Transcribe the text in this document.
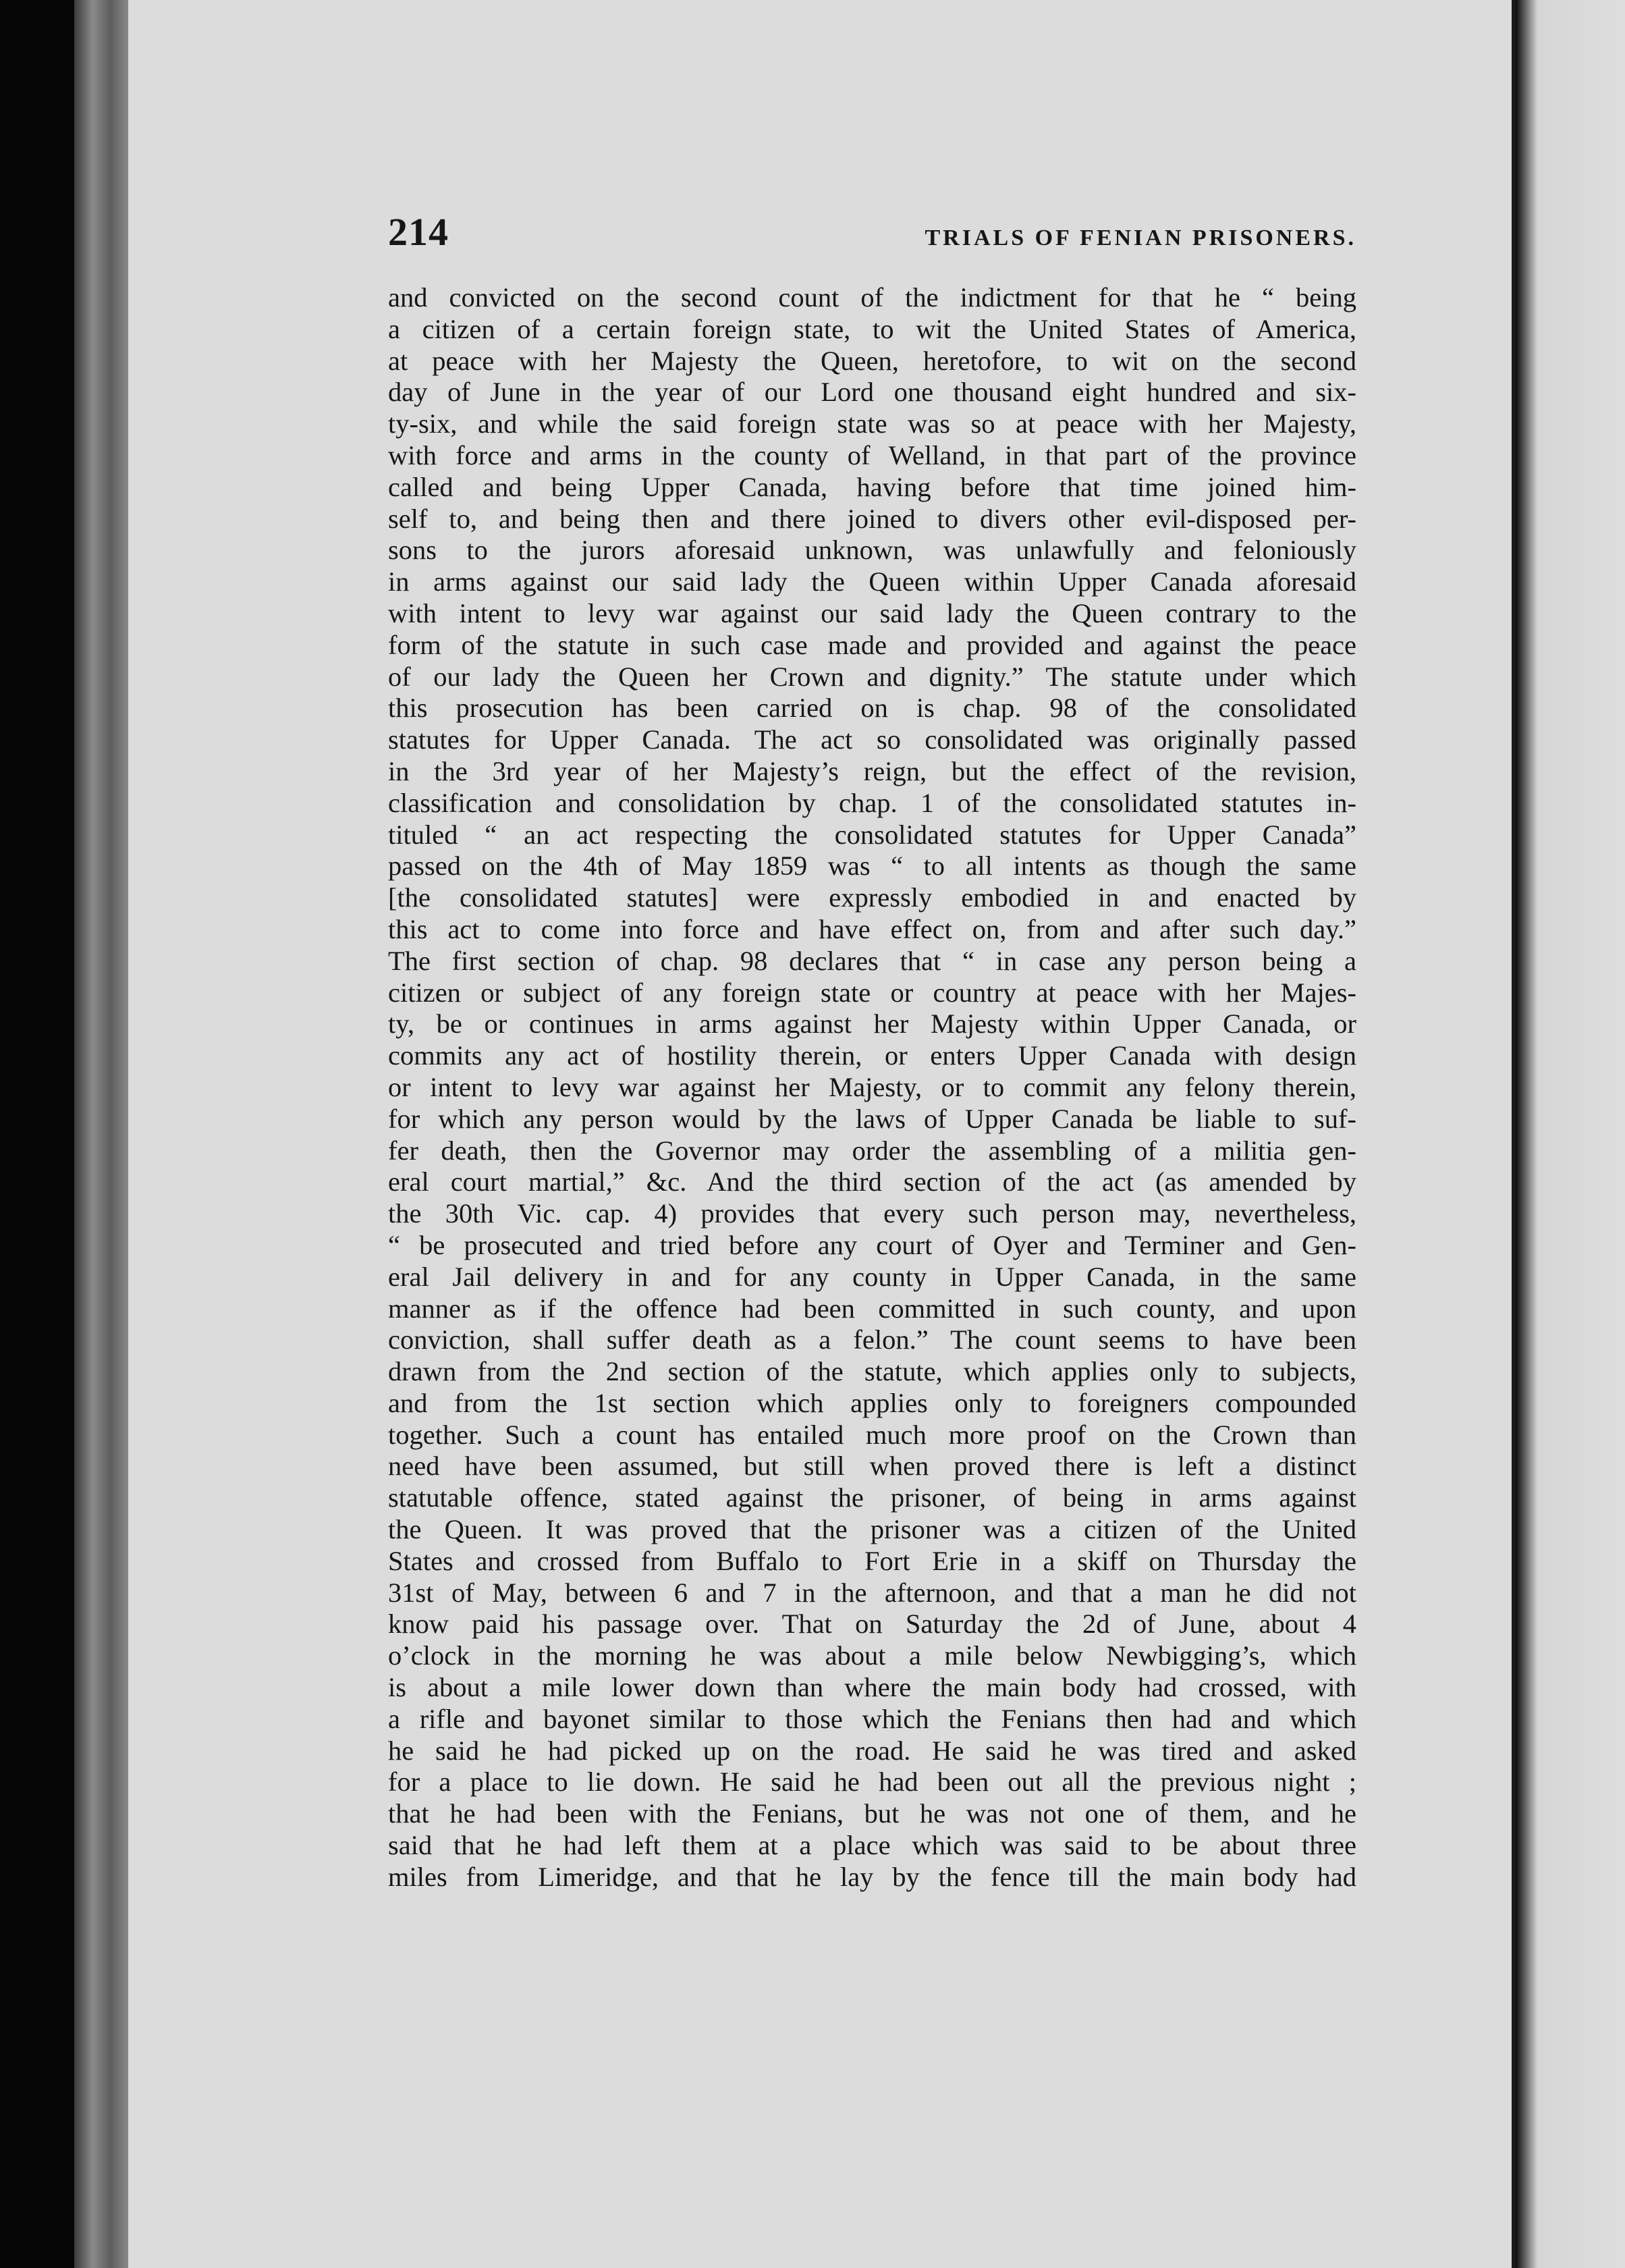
214	TRIALS OF FENIAN PRISONERS.
and convicted on the second count of the indictment for that he “ being
a citizen of a certain foreign state, to wit the United States of America,
at peace with her Majesty the Queen, heretofore, to wit on the second
day of June in the year of our Lord one thousand eight hundred and six-
ty-six, and while the said foreign state was so at peace with her Majesty,
with force and arms in the county of Welland, in that part of the province
called and being Upper Canada, having before that time joined him-
self to, and being then and there joined to divers other evil-disposed per-
sons to the jurors aforesaid unknown, was unlawfully and feloniously
in arms against our said lady the Queen within Upper Canada aforesaid
with intent to levy war against our said lady the Queen contrary to the
form of the statute in such case made and provided and against the peace
of our lady the Queen her Crown and dignity.” The statute under which
this prosecution has been carried on is chap. 98 of the consolidated
statutes for Upper Canada. The act so consolidated was originally passed
in the 3rd year of her Majesty’s reign, but the effect of the revision,
classification and consolidation by chap. 1 of the consolidated statutes in-
tituled “ an act respecting the consolidated statutes for Upper Canada”
passed on the 4th of May 1859 was “ to all intents as though the same
[the consolidated statutes] were expressly embodied in and enacted by
this act to come into force and have effect on, from and after such day.”
The first section of chap. 98 declares that “ in case any person being a
citizen or subject of any foreign state or country at peace with her Majes-
ty, be or continues in arms against her Majesty within Upper Canada, or
commits any act of hostility therein, or enters Upper Canada with design
or intent to levy war against her Majesty, or to commit any felony therein,
for which any person would by the laws of Upper Canada be liable to suf-
fer death, then the Governor may order the assembling of a militia gen-
eral court martial,” &c. And the third section of the act (as amended by
the 30th Vic. cap. 4) provides that every such person may, nevertheless,
“ be prosecuted and tried before any court of Oyer and Terminer and Gen-
eral Jail delivery in and for any county in Upper Canada, in the same
manner as if the offence had been committed in such county, and upon
conviction, shall suffer death as a felon.” The count seems to have been
drawn from the 2nd section of the statute, which applies only to subjects,
and from the 1st section which applies only to foreigners compounded
together. Such a count has entailed much more proof on the Crown than
need have been assumed, but still when proved there is left a distinct
statutable offence, stated against the prisoner, of being in arms against
the Queen. It was proved that the prisoner was a citizen of the United
States and crossed from Buffalo to Fort Erie in a skiff on Thursday the
31st of May, between 6 and 7 in the afternoon, and that a man he did not
know paid his passage over. That on Saturday the 2d of June, about 4
o’clock in the morning he was about a mile below Newbigging’s, which
is about a mile lower down than where the main body had crossed, with
a rifle and bayonet similar to those which the Fenians then had and which
he said he had picked up on the road. He said he was tired and asked
for a place to lie down. He said he had been out all the previous night ;
that he had been with the Fenians, but he was not one of them, and he
said that he had left them at a place which was said to be about three
miles from Limeridge, and that he lay by the fence till the main body had
